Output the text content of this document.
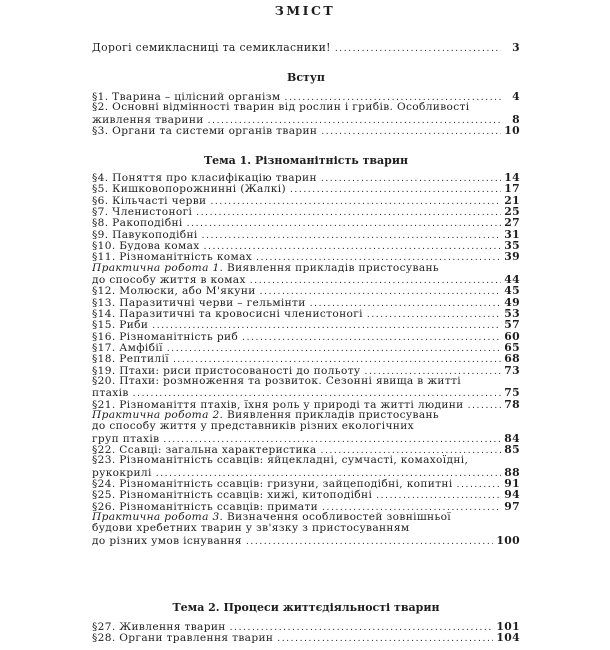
ЗМІСТ
Дорогі семикласниці та семикласники! .....	3
Вступ
§1. Тварина – цілісний організм .....	4
§2. Основні відмінності тварин від рослин і грибів. Особливості
живлення тварини .....	8
§3. Органи та системи органів тварин .....	10
Тема 1. Різноманітність тварин
§4. Поняття про класифікацію тварин .....	14
§5. Кишковопорожнинні (Жалкі) .....	17
§6. Кільчасті черви .....	21
§7. Членистоногі .....	25
§8. Ракоподібні .....	27
§9. Павукоподібні .....	31
§10. Будова комах .....	35
§11. Різноманітність комах .....	39
Практична робота 1. Виявлення прикладів пристосувань
до способу життя в комах .....	44
§12. Молюски, або М'якуни .....	45
§13. Паразитичні черви – гельмінти .....	49
§14. Паразитичні та кровосисні членистоногі .....	53
§15. Риби .....	57
§16. Різноманітність риб .....	60
§17. Амфібії .....	65
§18. Рептилії .....	68
§19. Птахи: риси пристосованості до польоту .....	73
§20. Птахи: розмноження та розвиток. Сезонні явища в житті
птахів .....	75
§21. Різноманіття птахів, їхня роль у природі та житті людини .....	78
Практична робота 2. Виявлення прикладів пристосувань
до способу життя у представників різних екологічних
груп птахів .....	84
§22. Ссавці: загальна характеристика .....	85
§23. Різноманітність ссавців: яйцекладні, сумчасті, комахоїдні,
рукокрилі .....	88
§24. Різноманітність ссавців: гризуни, зайцеподібні, копитні .....	91
§25. Різноманітність ссавців: хижі, китоподібні .....	94
§26. Різноманітність ссавців: примати .....	97
Практична робота 3. Визначення особливостей зовнішньої
будови хребетних тварин у зв'язку з пристосуванням
до різних умов існування .....	100
Тема 2. Процеси життєдіяльності тварин
§27. Живлення тварин .....	101
§28. Органи травлення тварин .....	104
